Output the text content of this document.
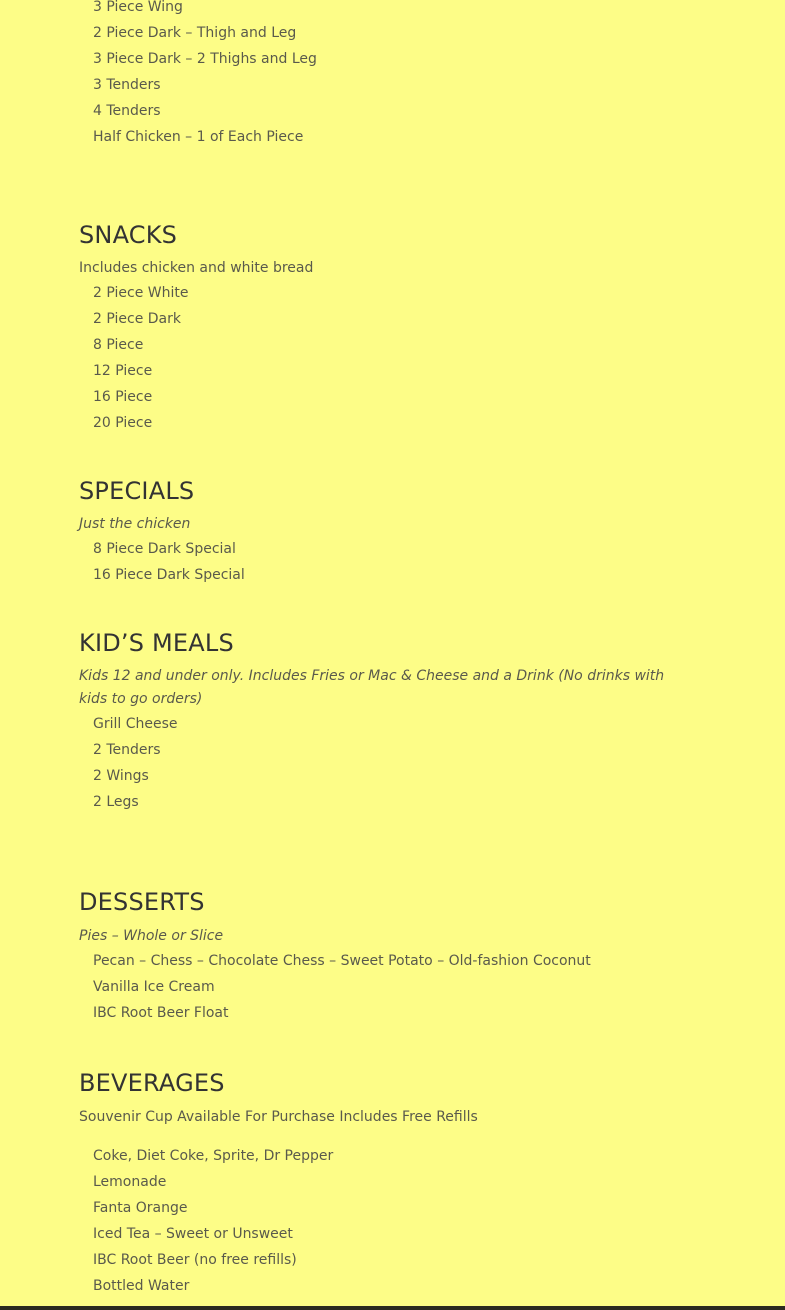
3 Piece Wing
2 Piece Dark – Thigh and Leg
3 Piece Dark – 2 Thighs and Leg
3 Tenders
4 Tenders
Half Chicken – 1 of Each Piece
SNACKS
Includes chicken and white bread
2 Piece White
2 Piece Dark
8 Piece
12 Piece
16 Piece
20 Piece
SPECIALS
Just the chicken
8 Piece Dark Special
16 Piece Dark Special
KID’S MEALS
Kids 12 and under only. Includes Fries or Mac & Cheese and a Drink (No drinks with kids to go orders)
Grill Cheese
2 Tenders
2 Wings
2 Legs
DESSERTS
Pies – Whole or Slice
Pecan – Chess – Chocolate Chess – Sweet Potato – Old-fashion Coconut
Vanilla Ice Cream
IBC Root Beer Float
BEVERAGES
Souvenir Cup Available For Purchase Includes Free Refills
Coke, Diet Coke, Sprite, Dr Pepper
Lemonade
Fanta Orange
Iced Tea – Sweet or Unsweet
IBC Root Beer (no free refills)
Bottled Water
